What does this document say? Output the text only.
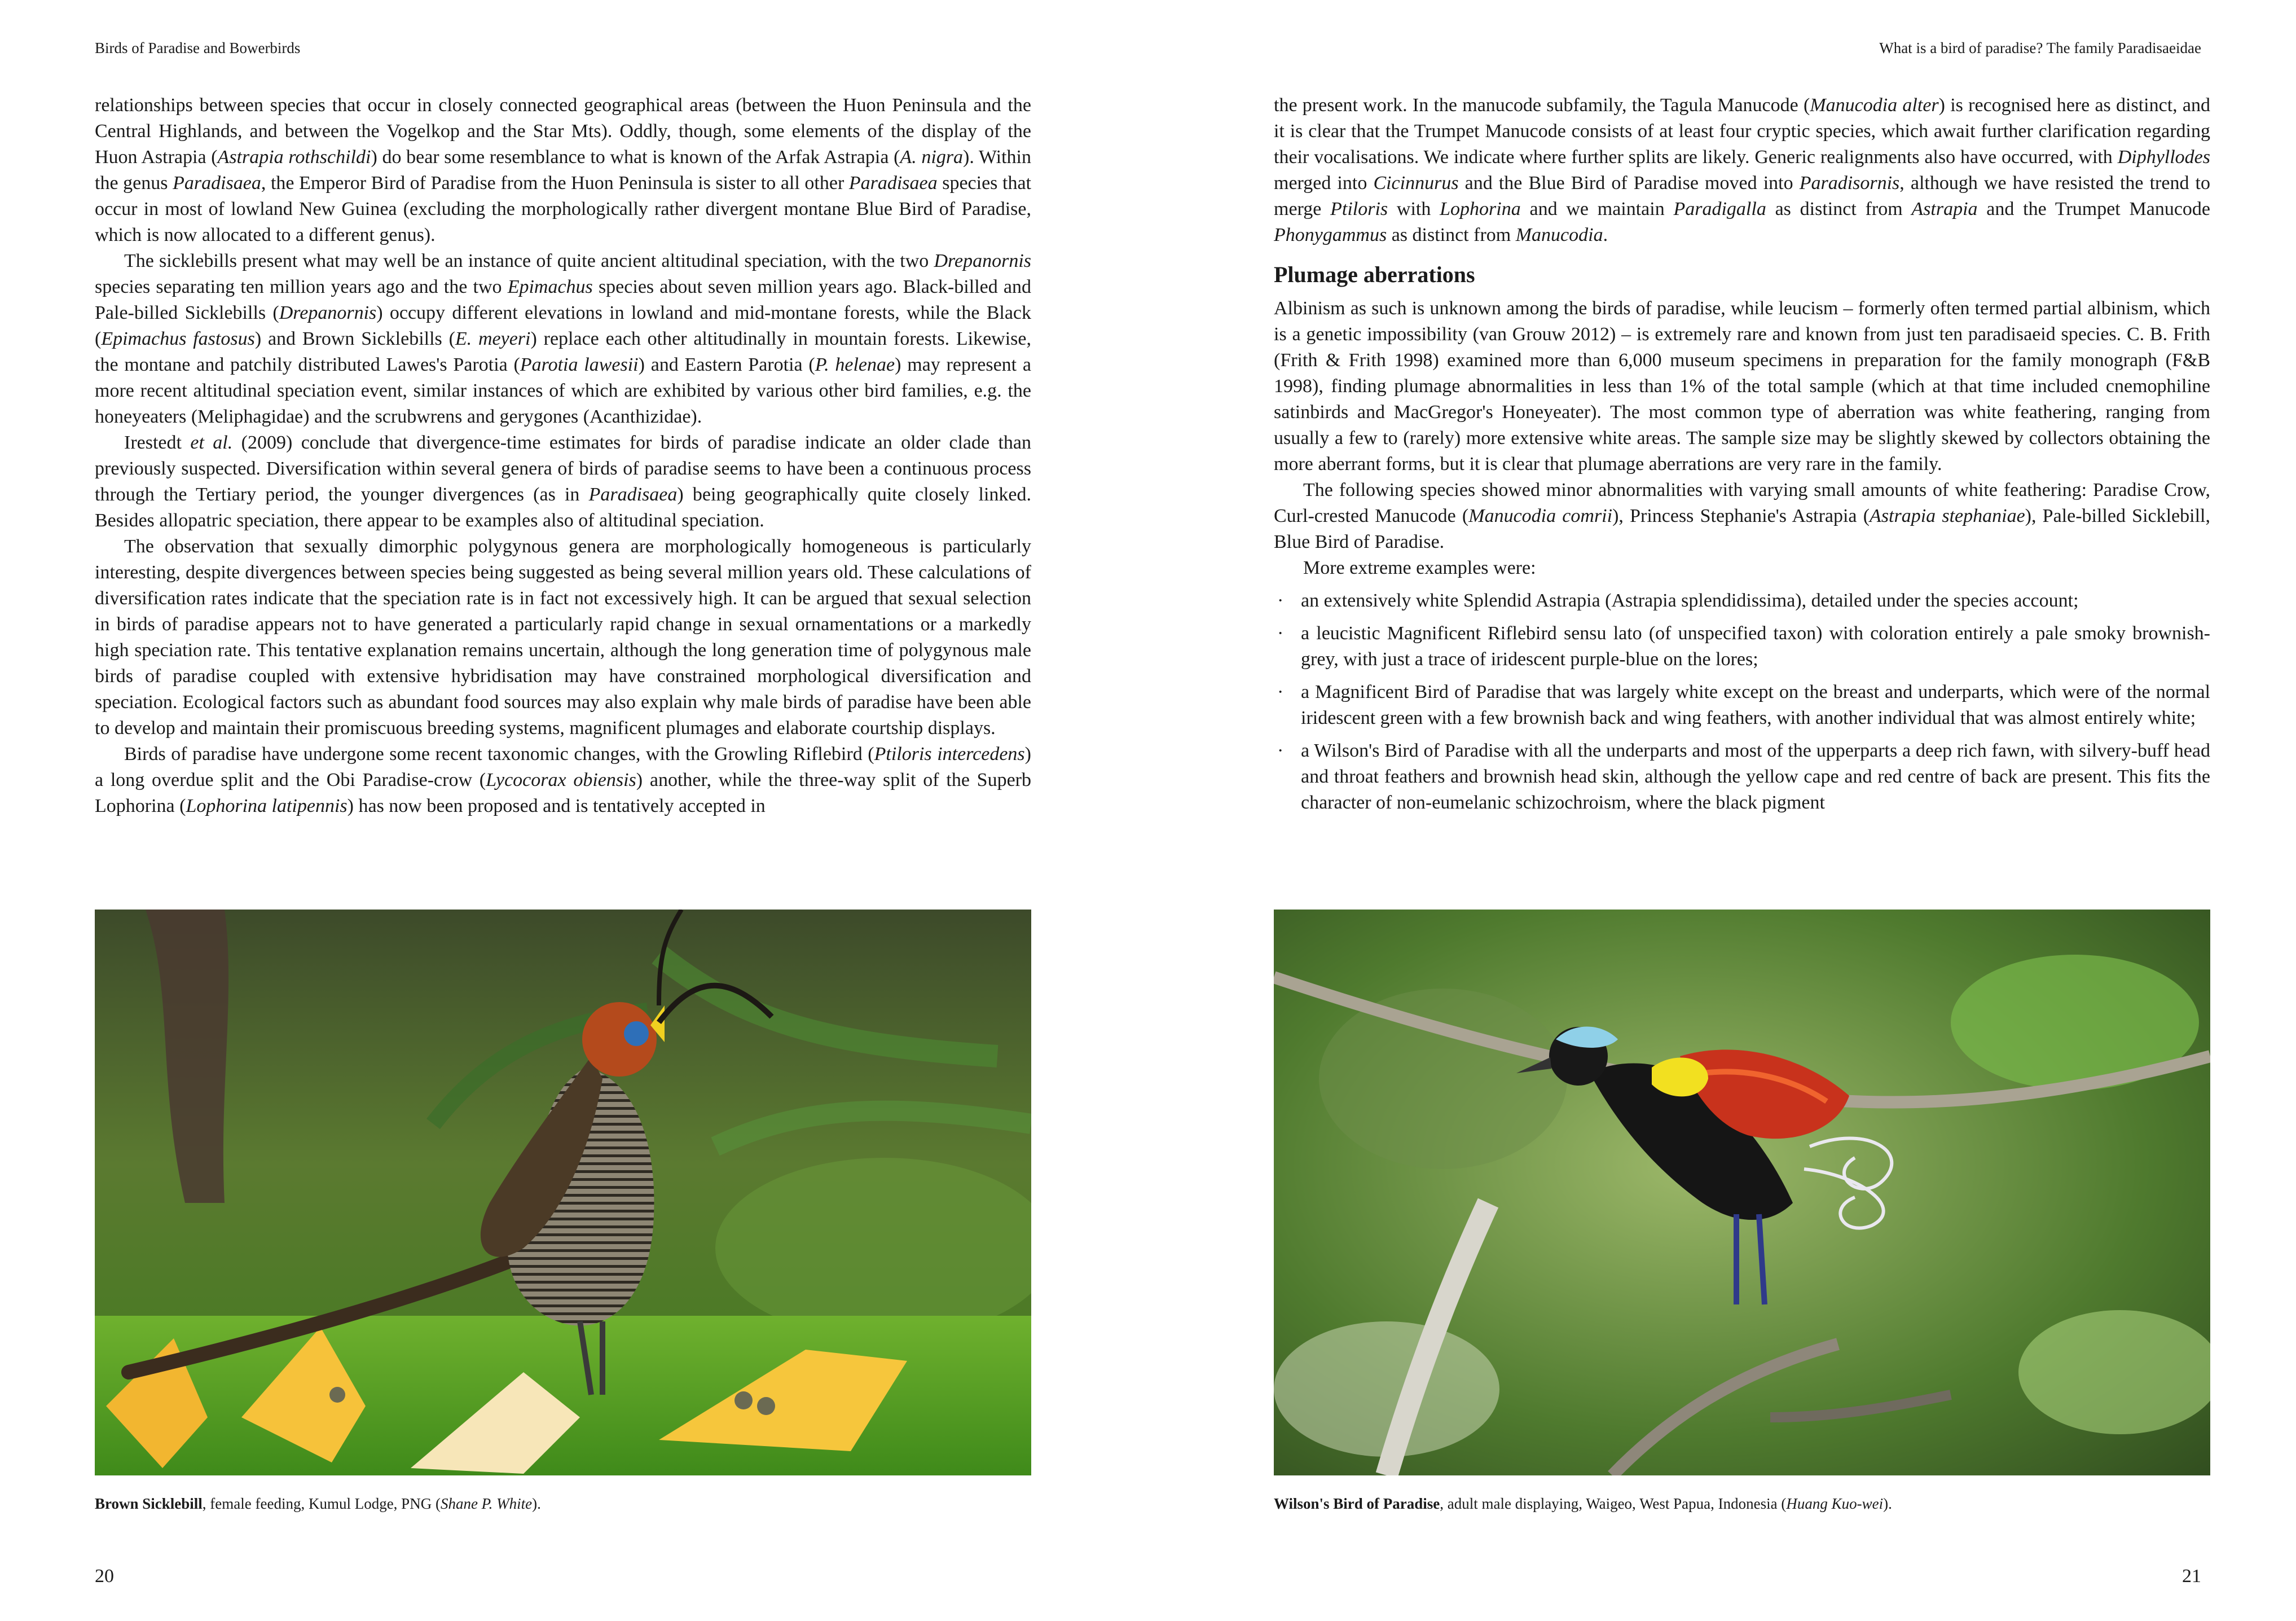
Birds of Paradise and Bowerbirds

relationships between species that occur in closely connected geographical areas (between the Huon Peninsula and the Central Highlands, and between the Vogelkop and the Star Mts). Oddly, though, some elements of the display of the Huon Astrapia (Astrapia rothschildi) do bear some resemblance to what is known of the Arfak Astrapia (A. nigra). Within the genus Paradisaea, the Emperor Bird of Paradise from the Huon Peninsula is sister to all other Paradisaea species that occur in most of lowland New Guinea (excluding the morphologically rather divergent montane Blue Bird of Paradise, which is now allocated to a different genus).

The sicklebills present what may well be an instance of quite ancient altitudinal speciation, with the two Drepanornis species separating ten million years ago and the two Epimachus species about seven million years ago. Black-billed and Pale-billed Sicklebills (Drepanornis) occupy different elevations in lowland and mid-montane forests, while the Black (Epimachus fastosus) and Brown Sicklebills (E. meyeri) replace each other altitudinally in mountain forests. Likewise, the montane and patchily distributed Lawes's Parotia (Parotia lawesii) and Eastern Parotia (P. helenae) may represent a more recent altitudinal speciation event, similar instances of which are exhibited by various other bird families, e.g. the honeyeaters (Meliphagidae) and the scrubwrens and gerygones (Acanthizidae).

Irestedt et al. (2009) conclude that divergence-time estimates for birds of paradise indicate an older clade than previously suspected. Diversification within several genera of birds of paradise seems to have been a continuous process through the Tertiary period, the younger divergences (as in Paradisaea) being geographically quite closely linked. Besides allopatric speciation, there appear to be examples also of altitudinal speciation.

The observation that sexually dimorphic polygynous genera are morphologically homogeneous is particularly interesting, despite divergences between species being suggested as being several million years old. These calculations of diversification rates indicate that the speciation rate is in fact not excessively high. It can be argued that sexual selection in birds of paradise appears not to have generated a particularly rapid change in sexual ornamentations or a markedly high speciation rate. This tentative explanation remains uncertain, although the long generation time of polygynous male birds of paradise coupled with extensive hybridisation may have constrained morphological diversification and speciation. Ecological factors such as abundant food sources may also explain why male birds of paradise have been able to develop and maintain their promiscuous breeding systems, magnificent plumages and elaborate courtship displays.

Birds of paradise have undergone some recent taxonomic changes, with the Growling Riflebird (Ptiloris intercedens) a long overdue split and the Obi Paradise-crow (Lycocorax obiensis) another, while the three-way split of the Superb Lophorina (Lophorina latipennis) has now been proposed and is tentatively accepted in

Brown Sicklebill, female feeding, Kumul Lodge, PNG (Shane P. White).
20
What is a bird of paradise? The family Paradisaeidae

the present work. In the manucode subfamily, the Tagula Manucode (Manucodia alter) is recognised here as distinct, and it is clear that the Trumpet Manucode consists of at least four cryptic species, which await further clarification regarding their vocalisations. We indicate where further splits are likely. Generic realignments also have occurred, with Diphyllodes merged into Cicinnurus and the Blue Bird of Paradise moved into Paradisornis, although we have resisted the trend to merge Ptiloris with Lophorina and we maintain Paradigalla as distinct from Astrapia and the Trumpet Manucode Phonygammus as distinct from Manucodia.

Plumage aberrations

Albinism as such is unknown among the birds of paradise, while leucism – formerly often termed partial albinism, which is a genetic impossibility (van Grouw 2012) – is extremely rare and known from just ten paradisaeid species. C. B. Frith (Frith & Frith 1998) examined more than 6,000 museum specimens in preparation for the family monograph (F&B 1998), finding plumage abnormalities in less than 1% of the total sample (which at that time included cnemophiline satinbirds and MacGregor's Honeyeater). The most common type of aberration was white feathering, ranging from usually a few to (rarely) more extensive white areas. The sample size may be slightly skewed by collectors obtaining the more aberrant forms, but it is clear that plumage aberrations are very rare in the family.

The following species showed minor abnormalities with varying small amounts of white feathering: Paradise Crow, Curl-crested Manucode (Manucodia comrii), Princess Stephanie's Astrapia (Astrapia stephaniae), Pale-billed Sicklebill, Blue Bird of Paradise.

More extreme examples were:

· an extensively white Splendid Astrapia (Astrapia splendidissima), detailed under the species account;
· a leucistic Magnificent Riflebird sensu lato (of unspecified taxon) with coloration entirely a pale smoky brownish-grey, with just a trace of iridescent purple-blue on the lores;
· a Magnificent Bird of Paradise that was largely white except on the breast and underparts, which were of the normal iridescent green with a few brownish back and wing feathers, with another individual that was almost entirely white;
· a Wilson's Bird of Paradise with all the underparts and most of the upperparts a deep rich fawn, with silvery-buff head and throat feathers and brownish head skin, although the yellow cape and red centre of back are present. This fits the character of non-eumelanic schizochroism, where the black pigment
Wilson's Bird of Paradise, adult male displaying, Waigeo, West Papua, Indonesia (Huang Kuo-wei).
21
